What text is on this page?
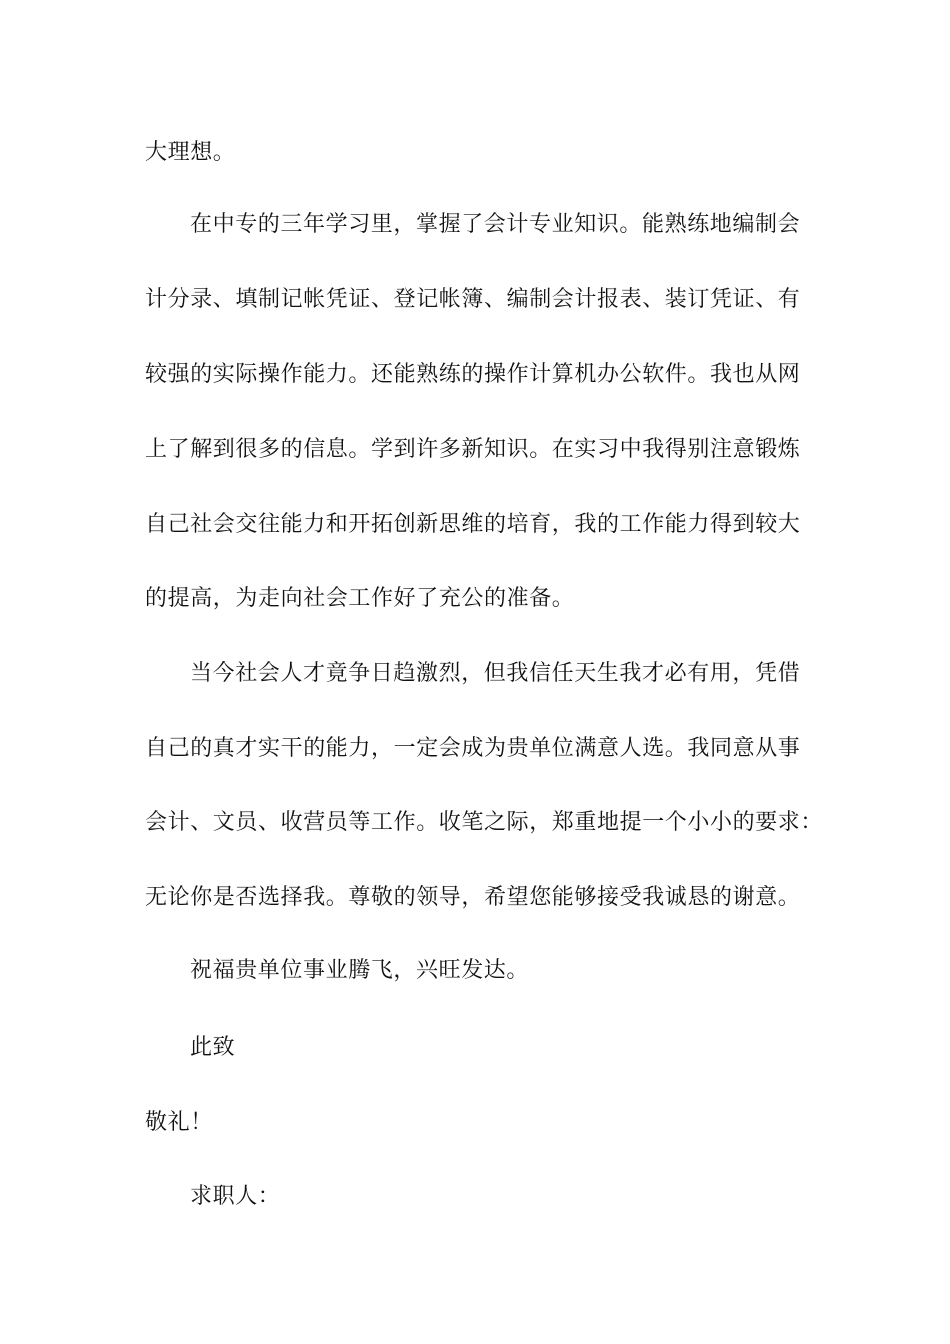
大理想。
在中专的三年学习里，掌握了会计专业知识。能熟练地编制会
计分录、填制记帐凭证、登记帐簿、编制会计报表、装订凭证、有
较强的实际操作能力。还能熟练的操作计算机办公软件。我也从网
上了解到很多的信息。学到许多新知识。在实习中我得别注意锻炼
自己社会交往能力和开拓创新思维的培育，我的工作能力得到较大
的提高，为走向社会工作好了充公的准备。
当今社会人才竟争日趋激烈，但我信任天生我才必有用，凭借
自己的真才实干的能力，一定会成为贵单位满意人选。我同意从事
会计、文员、收营员等工作。收笔之际，郑重地提一个小小的要求：
无论你是否选择我。尊敬的领导，希望您能够接受我诚恳的谢意。
祝福贵单位事业腾飞，兴旺发达。
此致
敬礼！
求职人：
